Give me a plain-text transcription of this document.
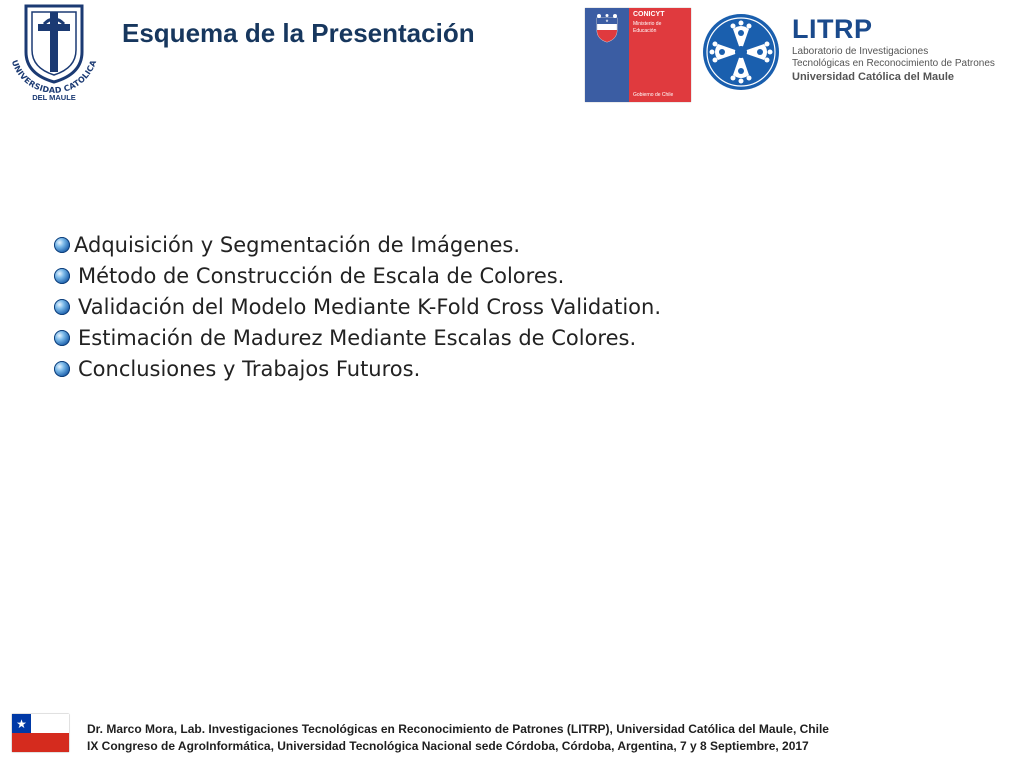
UNIVERSIDAD CATOLICA
DEL MAULE
Esquema de la Presentación
CONICYT
Ministerio de
Educación
Gobierno de Chile
LITRP
Laboratorio de Investigaciones
Tecnológicas en Reconocimiento de Patrones
Universidad Católica del Maule
Adquisición y Segmentación de Imágenes.
Método de Construcción de Escala de Colores.
Validación del Modelo Mediante K-Fold Cross Validation.
Estimación de Madurez Mediante Escalas de Colores.
Conclusiones y Trabajos Futuros.
★	Dr. Marco Mora, Lab. Investigaciones Tecnológicas en Reconocimiento de Patrones (LITRP), Universidad Católica del Maule, Chile
IX Congreso de AgroInformática, Universidad Tecnológica Nacional sede Córdoba, Córdoba, Argentina, 7 y 8 Septiembre, 2017
